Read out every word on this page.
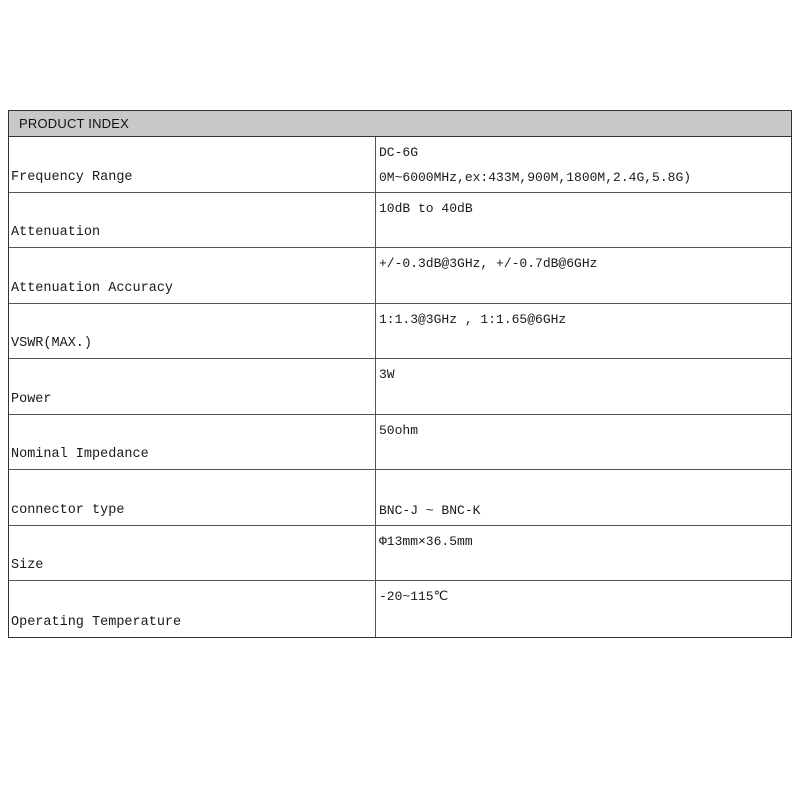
PRODUCT INDEX
Frequency Range
DC-6G
0M~6000MHz,ex:433M,900M,1800M,2.4G,5.8G)
Attenuation
10dB to 40dB
Attenuation Accuracy
+/-0.3dB@3GHz, +/-0.7dB@6GHz
VSWR(MAX.)
1:1.3@3GHz , 1:1.65@6GHz
Power
3W
Nominal Impedance
50ohm
connector type	BNC-J ~ BNC-K
Size
Φ13mm×36.5mm
Operating Temperature
-20~115℃
